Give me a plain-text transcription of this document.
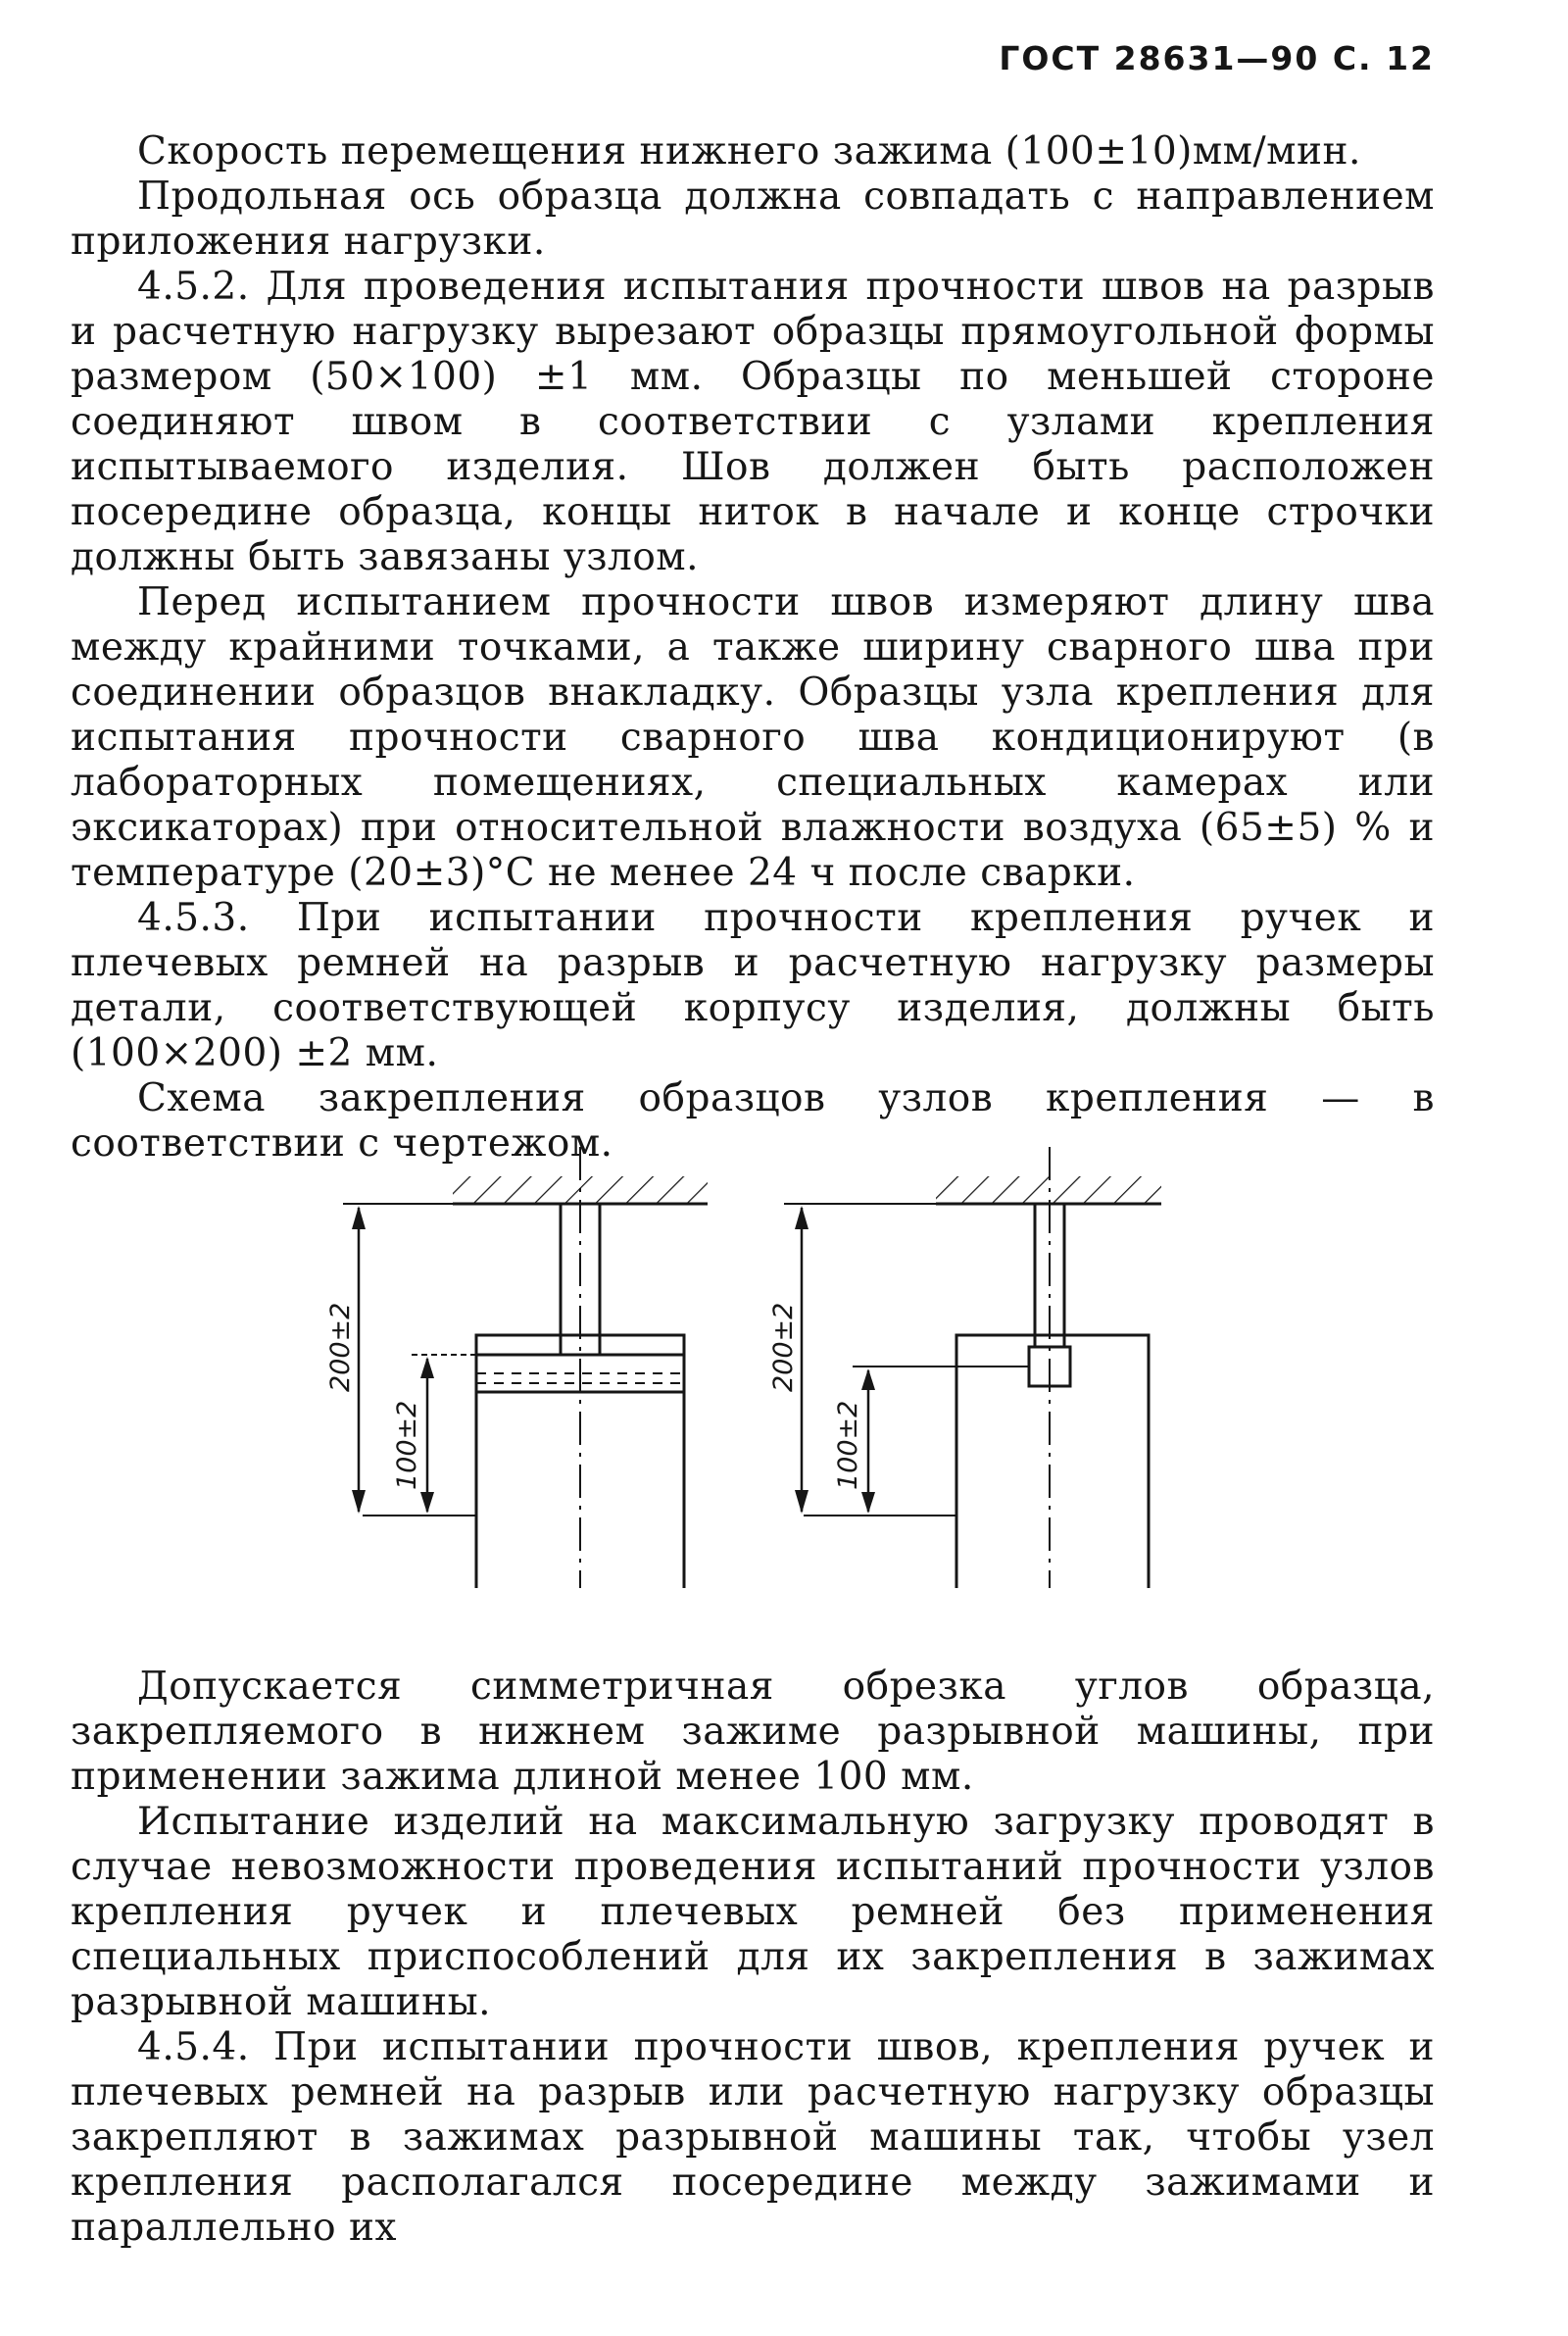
ГОСТ 28631—90 С. 12

Скорость перемещения нижнего зажима (100±10)мм/мин.

Продольная ось образца должна совпадать с направлением приложения нагрузки.

4.5.2. Для проведения испытания прочности швов на разрыв и расчетную нагрузку вырезают образцы прямоугольной формы размером (50×100) ±1 мм. Образцы по меньшей стороне соединяют швом в соответствии с узлами крепления испытываемого изделия. Шов должен быть расположен посередине образца, концы ниток в начале и конце строчки должны быть завязаны узлом.

Перед испытанием прочности швов измеряют длину шва между крайними точками, а также ширину сварного шва при соединении образцов внакладку. Образцы узла крепления для испытания прочности сварного шва кондиционируют (в лабораторных помещениях, специальных камерах или эксикаторах) при относительной влажности воздуха (65±5) % и температуре (20±3)°С не менее 24 ч после сварки.

4.5.3. При испытании прочности крепления ручек и плечевых ремней на разрыв и расчетную нагрузку размеры детали, соответствующей корпусу изделия, должны быть (100×200) ±2 мм.

Схема закрепления образцов узлов крепления — в соответствии с чертежом.

200±2
100±2
200±2
100±2

Допускается симметричная обрезка углов образца, закрепляемого в нижнем зажиме разрывной машины, при применении зажима длиной менее 100 мм.

Испытание изделий на максимальную загрузку проводят в случае невозможности проведения испытаний прочности узлов крепления ручек и плечевых ремней без применения специальных приспособлений для их закрепления в зажимах разрывной машины.

4.5.4. При испытании прочности швов, крепления ручек и плечевых ремней на разрыв или расчетную нагрузку образцы закрепляют в зажимах разрывной машины так, чтобы узел крепления располагался посередине между зажимами и параллельно их
